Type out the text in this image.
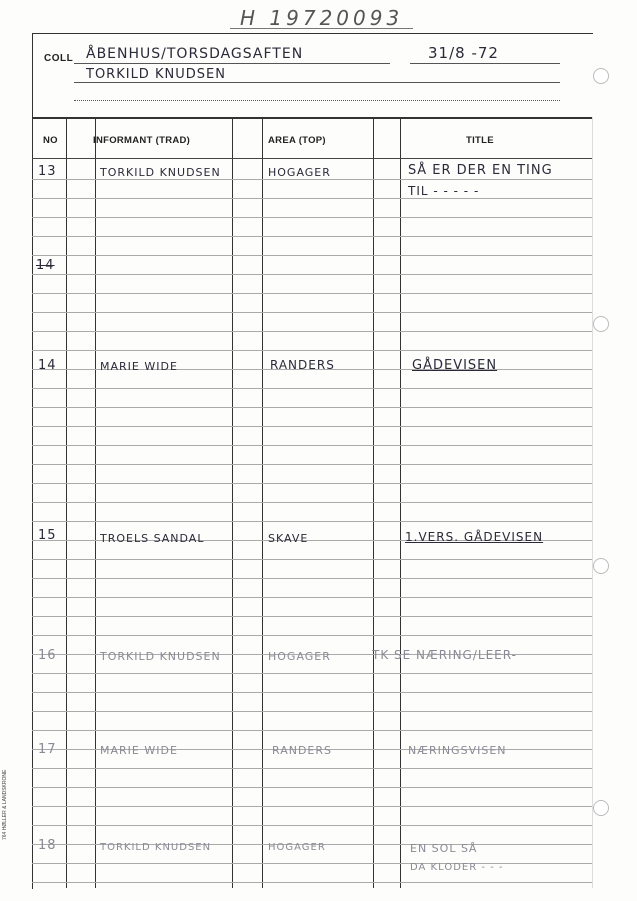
H 19720093
COLL ÅBENHUS/TORSDAGSAFTEN	31/8 -72
TORKILD KNUDSEN
NO	INFORMANT (TRAD)	AREA (TOP)	TITLE
13	TORKILD KNUDSEN	HOGAGER	SÅ ER DER EN TING
TIL - - - - -
14
14	MARIE WIDE	RANDERS	GÅDEVISEN
15	TROELS SANDAL	SKAVE	1.VERS. GÅDEVISEN
16	TORKILD KNUDSEN	HOGAGER	TK SE NÆRING/LEER-
17	MARIE WIDE	RANDERS	NÆRINGSVISEN
18	TORKILD KNUDSEN	HOGAGER	EN SOL SÅ
DA KLODER - - -
764 HØLLER & LANDSKRONE
